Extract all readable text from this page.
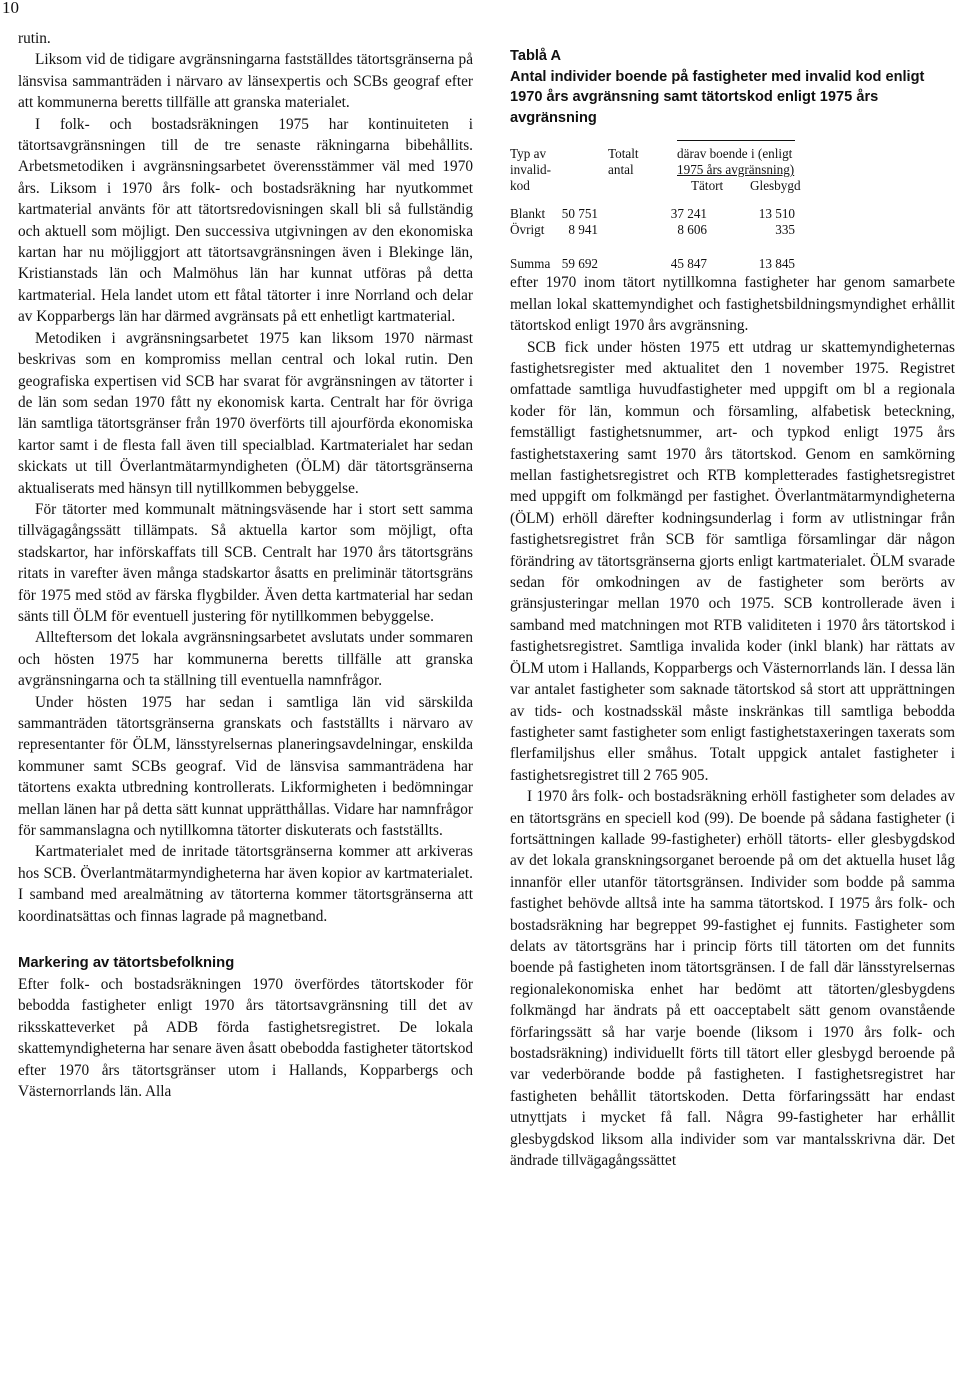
10

rutin.

Liksom vid de tidigare avgränsningarna fastställdes tätortsgränserna på länsvisa sammanträden i närvaro av länsexpertis och SCBs geograf efter att kommunerna beretts tillfälle att granska materialet.

I folk- och bostadsräkningen 1975 har kontinuiteten i tätortsavgränsningen till de tre senaste räkningarna bibehållits. Arbetsmetodiken i avgränsningsarbetet överensstämmer väl med 1970 års. Liksom i 1970 års folk- och bostadsräkning har nyutkommet kartmaterial använts för att tätortsredovisningen skall bli så fullständig och aktuell som möjligt. Den successiva utgivningen av den ekonomiska kartan har nu möjliggjort att tätortsavgränsningen även i Blekinge län, Kristianstads län och Malmöhus län har kunnat utföras på detta kartmaterial. Hela landet utom ett fåtal tätorter i inre Norrland och delar av Kopparbergs län har därmed avgränsats på ett enhetligt kartmaterial.

Metodiken i avgränsningsarbetet 1975 kan liksom 1970 närmast beskrivas som en kompromiss mellan central och lokal rutin. Den geografiska expertisen vid SCB har svarat för avgränsningen av tätorter i de län som sedan 1970 fått ny ekonomisk karta. Centralt har för övriga län samtliga tätortsgränser från 1970 överförts till ajourförda ekonomiska kartor samt i de flesta fall även till specialblad. Kartmaterialet har sedan skickats ut till Överlantmätarmyndigheten (ÖLM) där tätortsgränserna aktualiserats med hänsyn till nytillkommen bebyggelse.

För tätorter med kommunalt mätningsväsende har i stort sett samma tillvägagångssätt tillämpats. Så aktuella kartor som möjligt, ofta stadskartor, har införskaffats till SCB. Centralt har 1970 års tätortsgräns ritats in varefter även många stadskartor åsatts en preliminär tätortsgräns för 1975 med stöd av färska flygbilder. Även detta kartmaterial har sedan sänts till ÖLM för eventuell justering för nytillkommen bebyggelse.

Allteftersom det lokala avgränsningsarbetet avslutats under sommaren och hösten 1975 har kommunerna beretts tillfälle att granska avgränsningarna och ta ställning till eventuella namnfrågor.

Under hösten 1975 har sedan i samtliga län vid särskilda sammanträden tätortsgränserna granskats och fastställts i närvaro av representanter för ÖLM, länsstyrelsernas planeringsavdelningar, enskilda kommuner samt SCBs geograf. Vid de länsvisa sammanträdena har tätortens exakta utbredning kontrollerats. Likformigheten i bedömningar mellan länen har på detta sätt kunnat upprätthållas. Vidare har namnfrågor för sammanslagna och nytillkomna tätorter diskuterats och fastställts.

Kartmaterialet med de inritade tätortsgränserna kommer att arkiveras hos SCB. Överlantmätarmyndigheterna har även kopior av kartmaterialet. I samband med arealmätning av tätorterna kommer tätortsgränserna att koordinatsättas och finnas lagrade på magnetband.

Markering av tätortsbefolkning

Efter folk- och bostadsräkningen 1970 överfördes tätortskoder för bebodda fastigheter enligt 1970 års tätortsavgränsning till det av riksskatteverket på ADB förda fastighetsregistret. De lokala skattemyndigheterna har senare även åsatt obebodda fastigheter tätortskod efter 1970 års tätortsgränser utom i Hallands, Kopparbergs och Västernorrlands län. Alla

Tablå A
Antal individer boende på fastigheter med invalid kod enligt 1970 års avgränsning samt tätortskod enligt 1975 års avgränsning
Typ av	Totalt	därav boende i (enligt
invalid-	antal	1975 års avgränsning)
kod	Tätort Glesbygd
Blankt 50 751	37 241	13 510
Övrigt 8 941	8 606	335
Summa 59 692	45 847	13 845

efter 1970 inom tätort nytillkomna fastigheter har genom samarbete mellan lokal skattemyndighet och fastighetsbildningsmyndighet erhållit tätortskod enligt 1970 års avgränsning.

SCB fick under hösten 1975 ett utdrag ur skattemyndigheternas fastighetsregister med aktualitet den 1 november 1975. Registret omfattade samtliga huvudfastigheter med uppgift om bl a regionala koder för län, kommun och församling, alfabetisk beteckning, femställigt fastighetsnummer, art- och typkod enligt 1975 års fastighetstaxering samt 1970 års tätortskod. Genom en samkörning mellan fastighetsregistret och RTB kompletterades fastighetsregistret med uppgift om folkmängd per fastighet. Överlantmätarmyndigheterna (ÖLM) erhöll därefter kodningsunderlag i form av utlistningar från fastighetsregistret från SCB för samtliga församlingar där någon förändring av tätortsgränserna gjorts enligt kartmaterialet. ÖLM svarade sedan för omkodningen av de fastigheter som berörts av gränsjusteringar mellan 1970 och 1975. SCB kontrollerade även i samband med matchningen mot RTB validiteten i 1970 års tätortskod i fastighetsregistret. Samtliga invalida koder (inkl blank) har rättats av ÖLM utom i Hallands, Kopparbergs och Västernorrlands län. I dessa län var antalet fastigheter som saknade tätortskod så stort att upprättningen av tids- och kostnadsskäl måste inskränkas till samtliga bebodda fastigheter samt fastigheter som enligt fastighetstaxeringen taxerats som flerfamiljshus eller småhus. Totalt uppgick antalet fastigheter i fastighetsregistret till 2 765 905.

I 1970 års folk- och bostadsräkning erhöll fastigheter som delades av en tätortsgräns en speciell kod (99). De boende på sådana fastigheter (i fortsättningen kallade 99-fastigheter) erhöll tätorts- eller glesbygdskod av det lokala granskningsorganet beroende på om det aktuella huset låg innanför eller utanför tätortsgränsen. Individer som bodde på samma fastighet behövde alltså inte ha samma tätortskod. I 1975 års folk- och bostadsräkning har begreppet 99-fastighet ej funnits. Fastigheter som delats av tätortsgräns har i princip förts till tätorten om det funnits boende på fastigheten inom tätortsgränsen. I de fall där länsstyrelsernas regionalekonomiska enhet har bedömt att tätorten/glesbygdens folkmängd har ändrats på ett oacceptabelt sätt genom ovanstående förfaringssätt så har varje boende (liksom i 1970 års folk- och bostadsräkning) individuellt förts till tätort eller glesbygd beroende på var vederbörande bodde på fastigheten. I fastighetsregistret har fastigheten behållit tätortskoden. Detta förfaringssätt har endast utnyttjats i mycket få fall. Några 99-fastigheter har erhållit glesbygdskod liksom alla individer som var mantalsskrivna där. Det ändrade tillvägagångssättet
